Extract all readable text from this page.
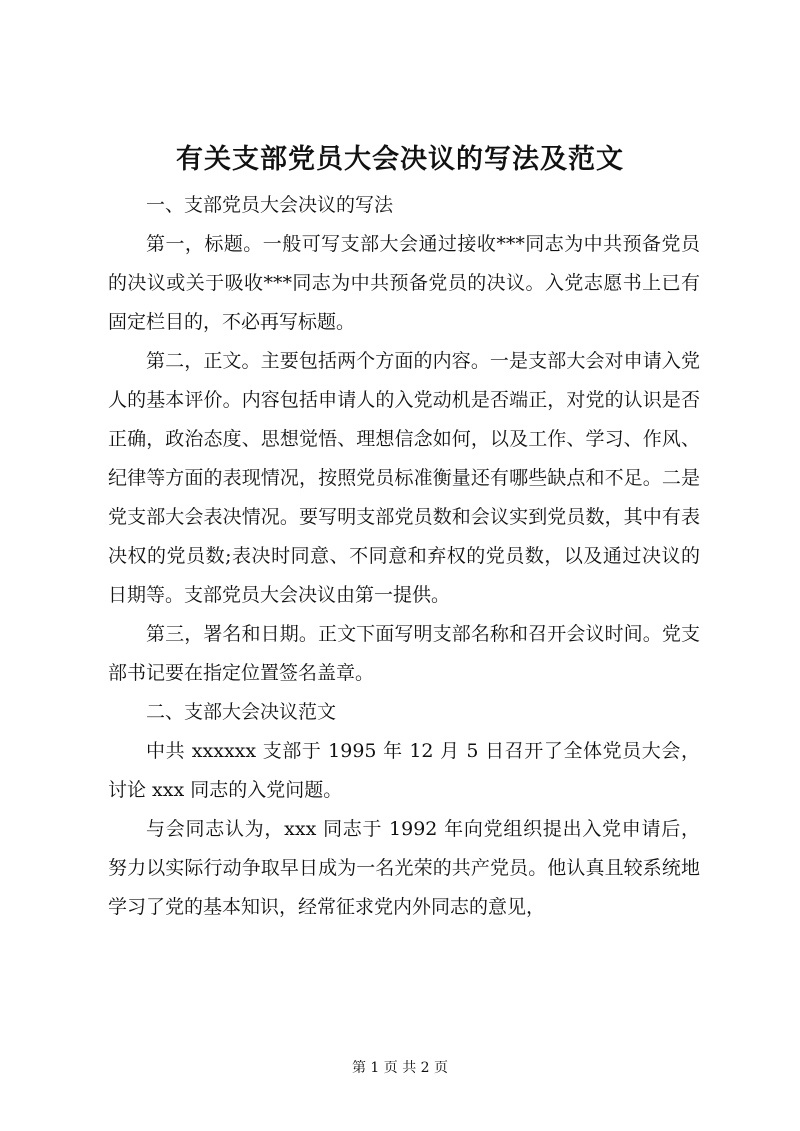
有关支部党员大会决议的写法及范文

一、支部党员大会决议的写法

第一，标题。一般可写支部大会通过接收***同志为中共预备党员的决议或关于吸收***同志为中共预备党员的决议。入党志愿书上已有固定栏目的，不必再写标题。

第二，正文。主要包括两个方面的内容。一是支部大会对申请入党人的基本评价。内容包括申请人的入党动机是否端正，对党的认识是否正确，政治态度、思想觉悟、理想信念如何，以及工作、学习、作风、纪律等方面的表现情况，按照党员标准衡量还有哪些缺点和不足。二是党支部大会表决情况。要写明支部党员数和会议实到党员数，其中有表决权的党员数;表决时同意、不同意和弃权的党员数，以及通过决议的日期等。支部党员大会决议由第一提供。

第三，署名和日期。正文下面写明支部名称和召开会议时间。党支部书记要在指定位置签名盖章。

二、支部大会决议范文

中共 xxxxxx 支部于 1995 年 12 月 5 日召开了全体党员大会，讨论 xxx 同志的入党问题。

与会同志认为，xxx 同志于 1992 年向党组织提出入党申请后，努力以实际行动争取早日成为一名光荣的共产党员。他认真且较系统地学习了党的基本知识，经常征求党内外同志的意见，

第 1 页 共 2 页
